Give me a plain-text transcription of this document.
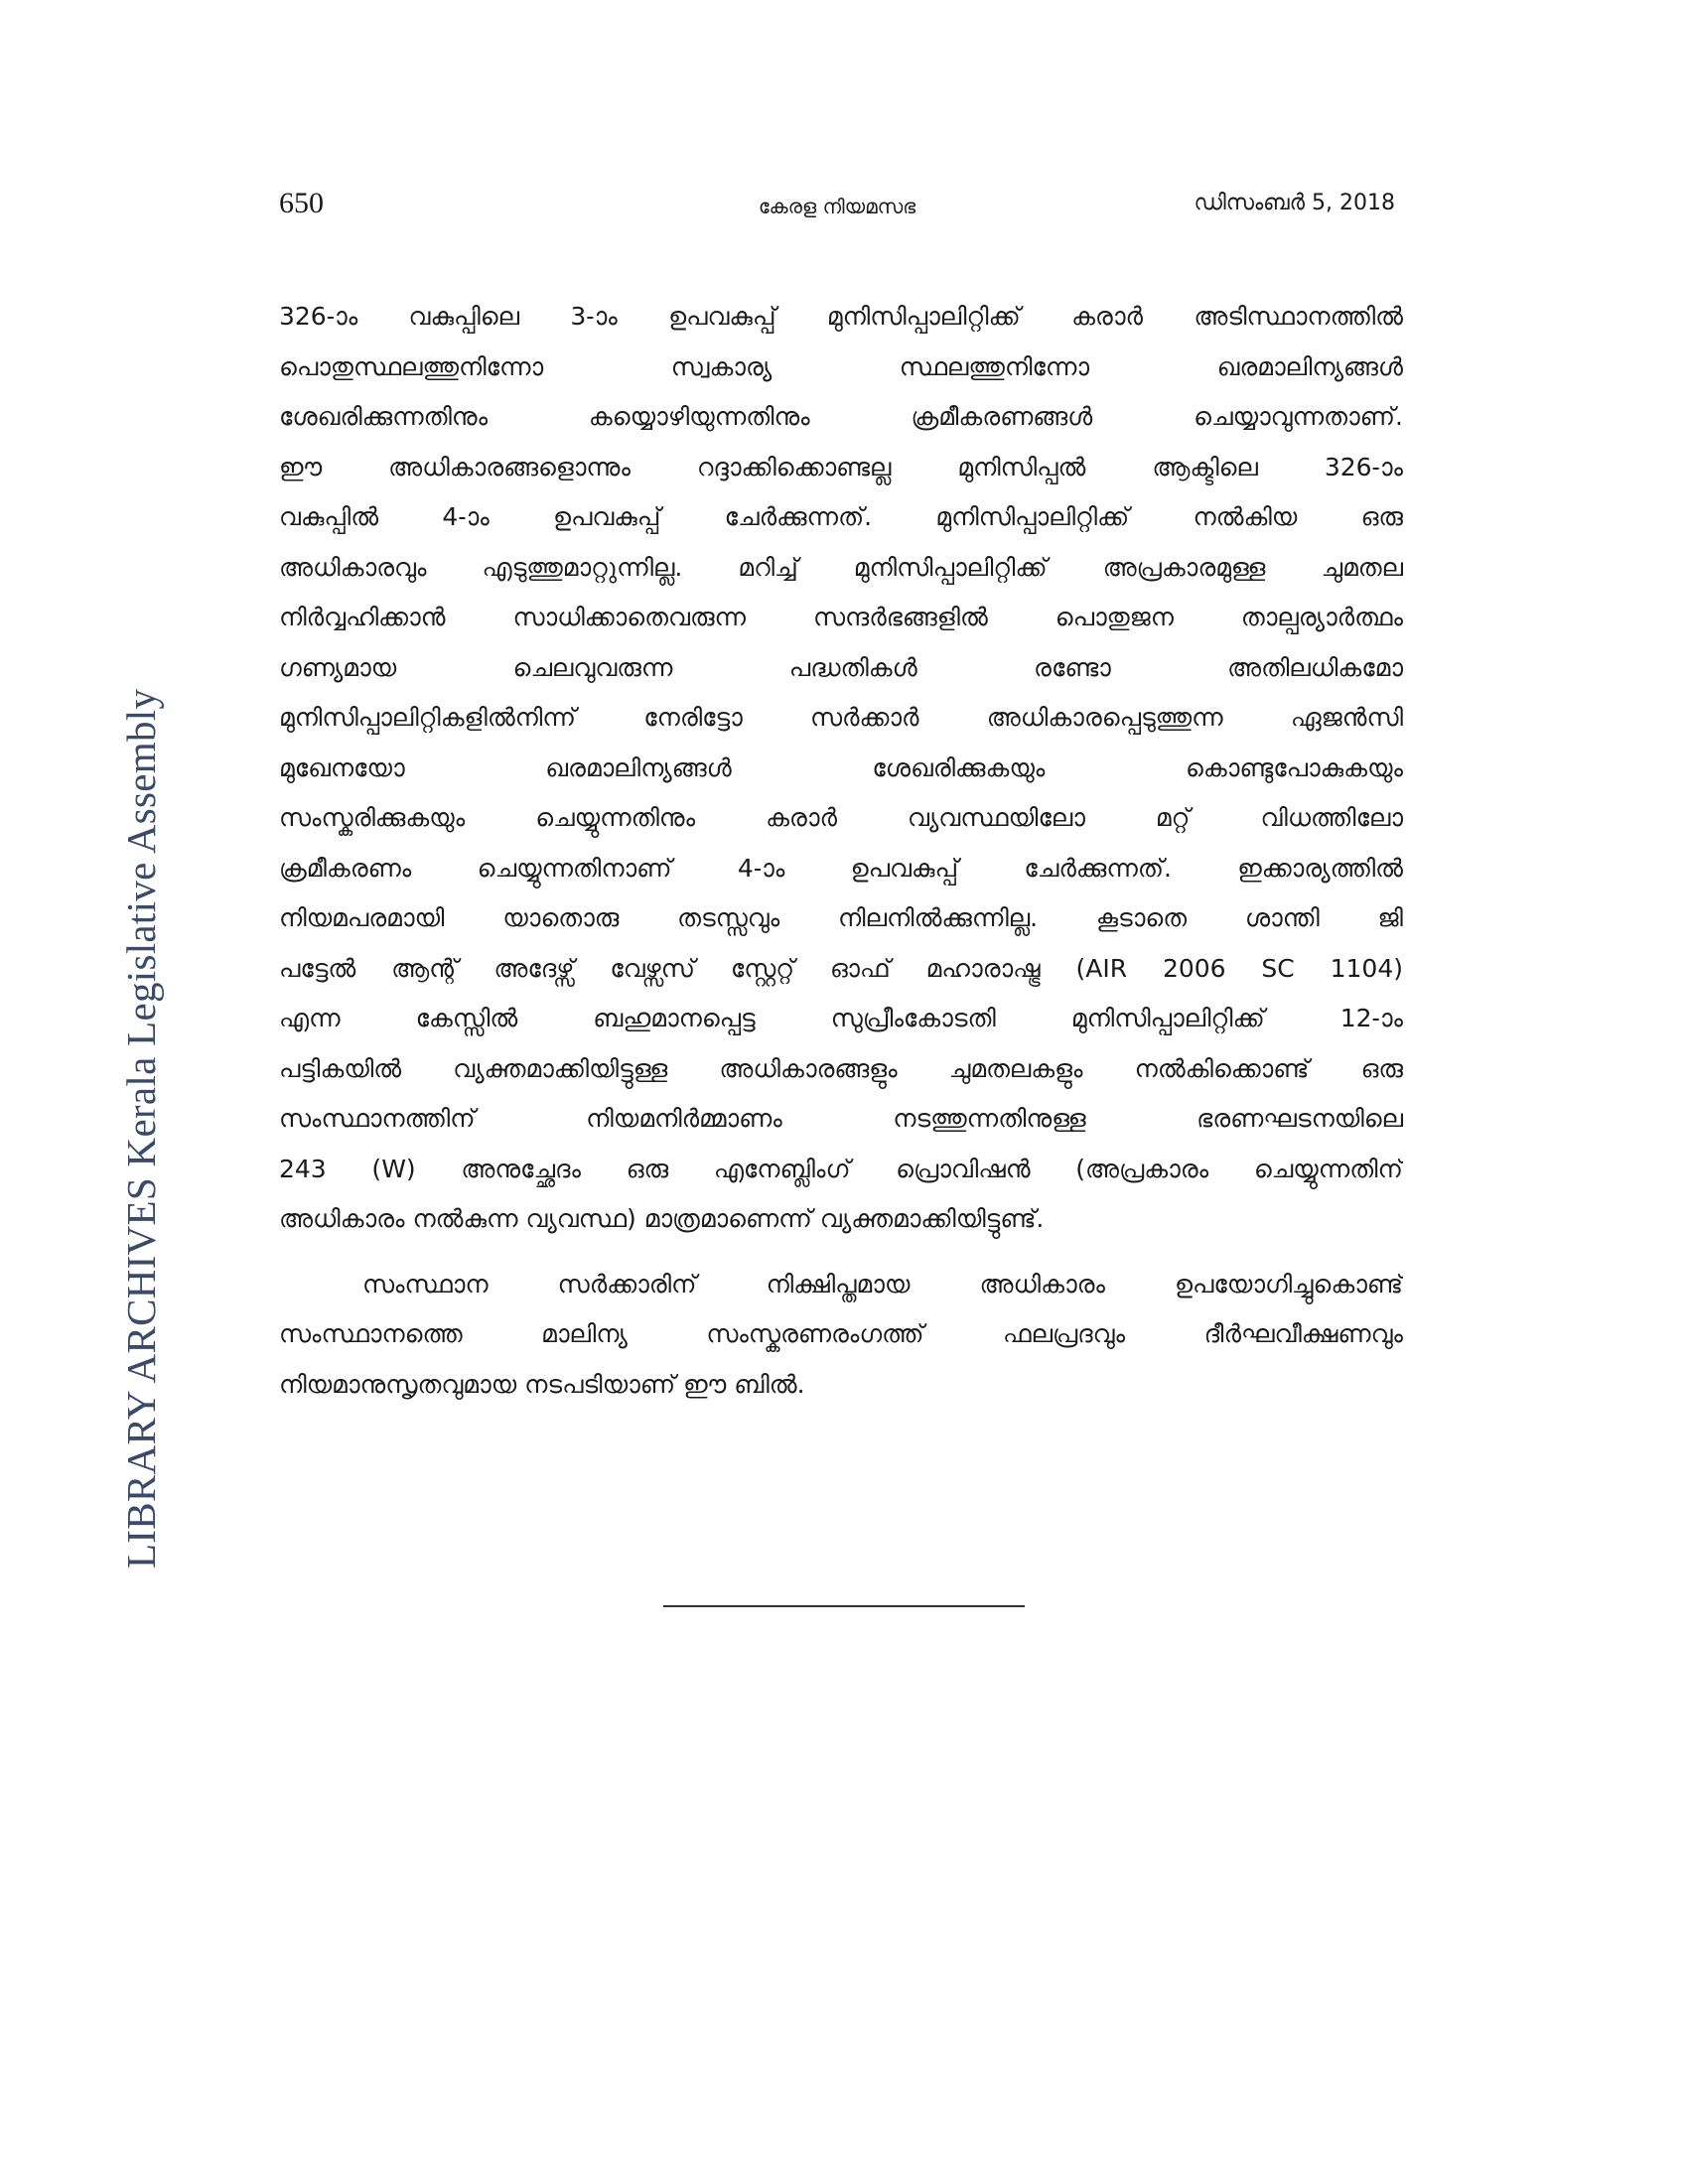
650	കേരള നിയമസഭ	ഡിസംബർ 5, 2018
LIBRARY ARCHIVES Kerala Legislative Assembly
326-ാം വകുപ്പിലെ 3-ാം ഉപവകുപ്പ് മുനിസിപ്പാലിറ്റിക്ക് കരാർ അടിസ്ഥാനത്തിൽ
പൊതുസ്ഥലത്തുനിന്നോ സ്വകാര്യ സ്ഥലത്തുനിന്നോ ഖരമാലിന്യങ്ങൾ
ശേഖരിക്കുന്നതിനും കയ്യൊഴിയുന്നതിനും ക്രമീകരണങ്ങൾ ചെയ്യാവുന്നതാണ്.
ഈ അധികാരങ്ങളൊന്നും റദ്ദാക്കിക്കൊണ്ടല്ല മുനിസിപ്പൽ ആക്ടിലെ 326-ാം
വകുപ്പിൽ 4-ാം ഉപവകുപ്പ് ചേർക്കുന്നത്. മുനിസിപ്പാലിറ്റിക്ക് നൽകിയ ഒരു
അധികാരവും എടുത്തുമാറ്റുന്നില്ല. മറിച്ച് മുനിസിപ്പാലിറ്റിക്ക് അപ്രകാരമുള്ള ചുമതല
നിർവ്വഹിക്കാൻ സാധിക്കാതെവരുന്ന സന്ദർഭങ്ങളിൽ പൊതുജന താല്പര്യാർത്ഥം
ഗണ്യമായ ചെലവുവരുന്ന പദ്ധതികൾ രണ്ടോ അതിലധികമോ
മുനിസിപ്പാലിറ്റികളിൽനിന്ന് നേരിട്ടോ സർക്കാർ അധികാരപ്പെടുത്തുന്ന ഏജൻസി
മുഖേനയോ ഖരമാലിന്യങ്ങൾ ശേഖരിക്കുകയും കൊണ്ടുപോകുകയും
സംസ്കരിക്കുകയും ചെയ്യുന്നതിനും കരാർ വ്യവസ്ഥയിലോ മറ്റ് വിധത്തിലോ
ക്രമീകരണം ചെയ്യുന്നതിനാണ് 4-ാം ഉപവകുപ്പ് ചേർക്കുന്നത്. ഇക്കാര്യത്തിൽ
നിയമപരമായി യാതൊരു തടസ്സവും നിലനിൽക്കുന്നില്ല. കൂടാതെ ശാന്തി ജി
പട്ടേൽ ആന്റ് അദേഴ്സ് വേഴ്സസ് സ്റ്റേറ്റ് ഓഫ് മഹാരാഷ്ട്ര (AIR 2006 SC 1104)
എന്ന കേസ്സിൽ ബഹുമാനപ്പെട്ട സുപ്രീംകോടതി മുനിസിപ്പാലിറ്റിക്ക് 12-ാം
പട്ടികയിൽ വ്യക്തമാക്കിയിട്ടുള്ള അധികാരങ്ങളും ചുമതലകളും നൽകിക്കൊണ്ട് ഒരു
സംസ്ഥാനത്തിന് നിയമനിർമ്മാണം നടത്തുന്നതിനുള്ള ഭരണഘടനയിലെ
243 (W) അനുച്ഛേദം ഒരു എനേബ്ലിംഗ് പ്രൊവിഷൻ (അപ്രകാരം ചെയ്യുന്നതിന്
അധികാരം നൽകുന്ന വ്യവസ്ഥ) മാത്രമാണെന്ന് വ്യക്തമാക്കിയിട്ടുണ്ട്.
സംസ്ഥാന സർക്കാരിന് നിക്ഷിപ്തമായ അധികാരം ഉപയോഗിച്ചുകൊണ്ട്
സംസ്ഥാനത്തെ മാലിന്യ സംസ്കരണരംഗത്ത് ഫലപ്രദവും ദീർഘവീക്ഷണവും
നിയമാനുസൃതവുമായ നടപടിയാണ് ഈ ബിൽ.
